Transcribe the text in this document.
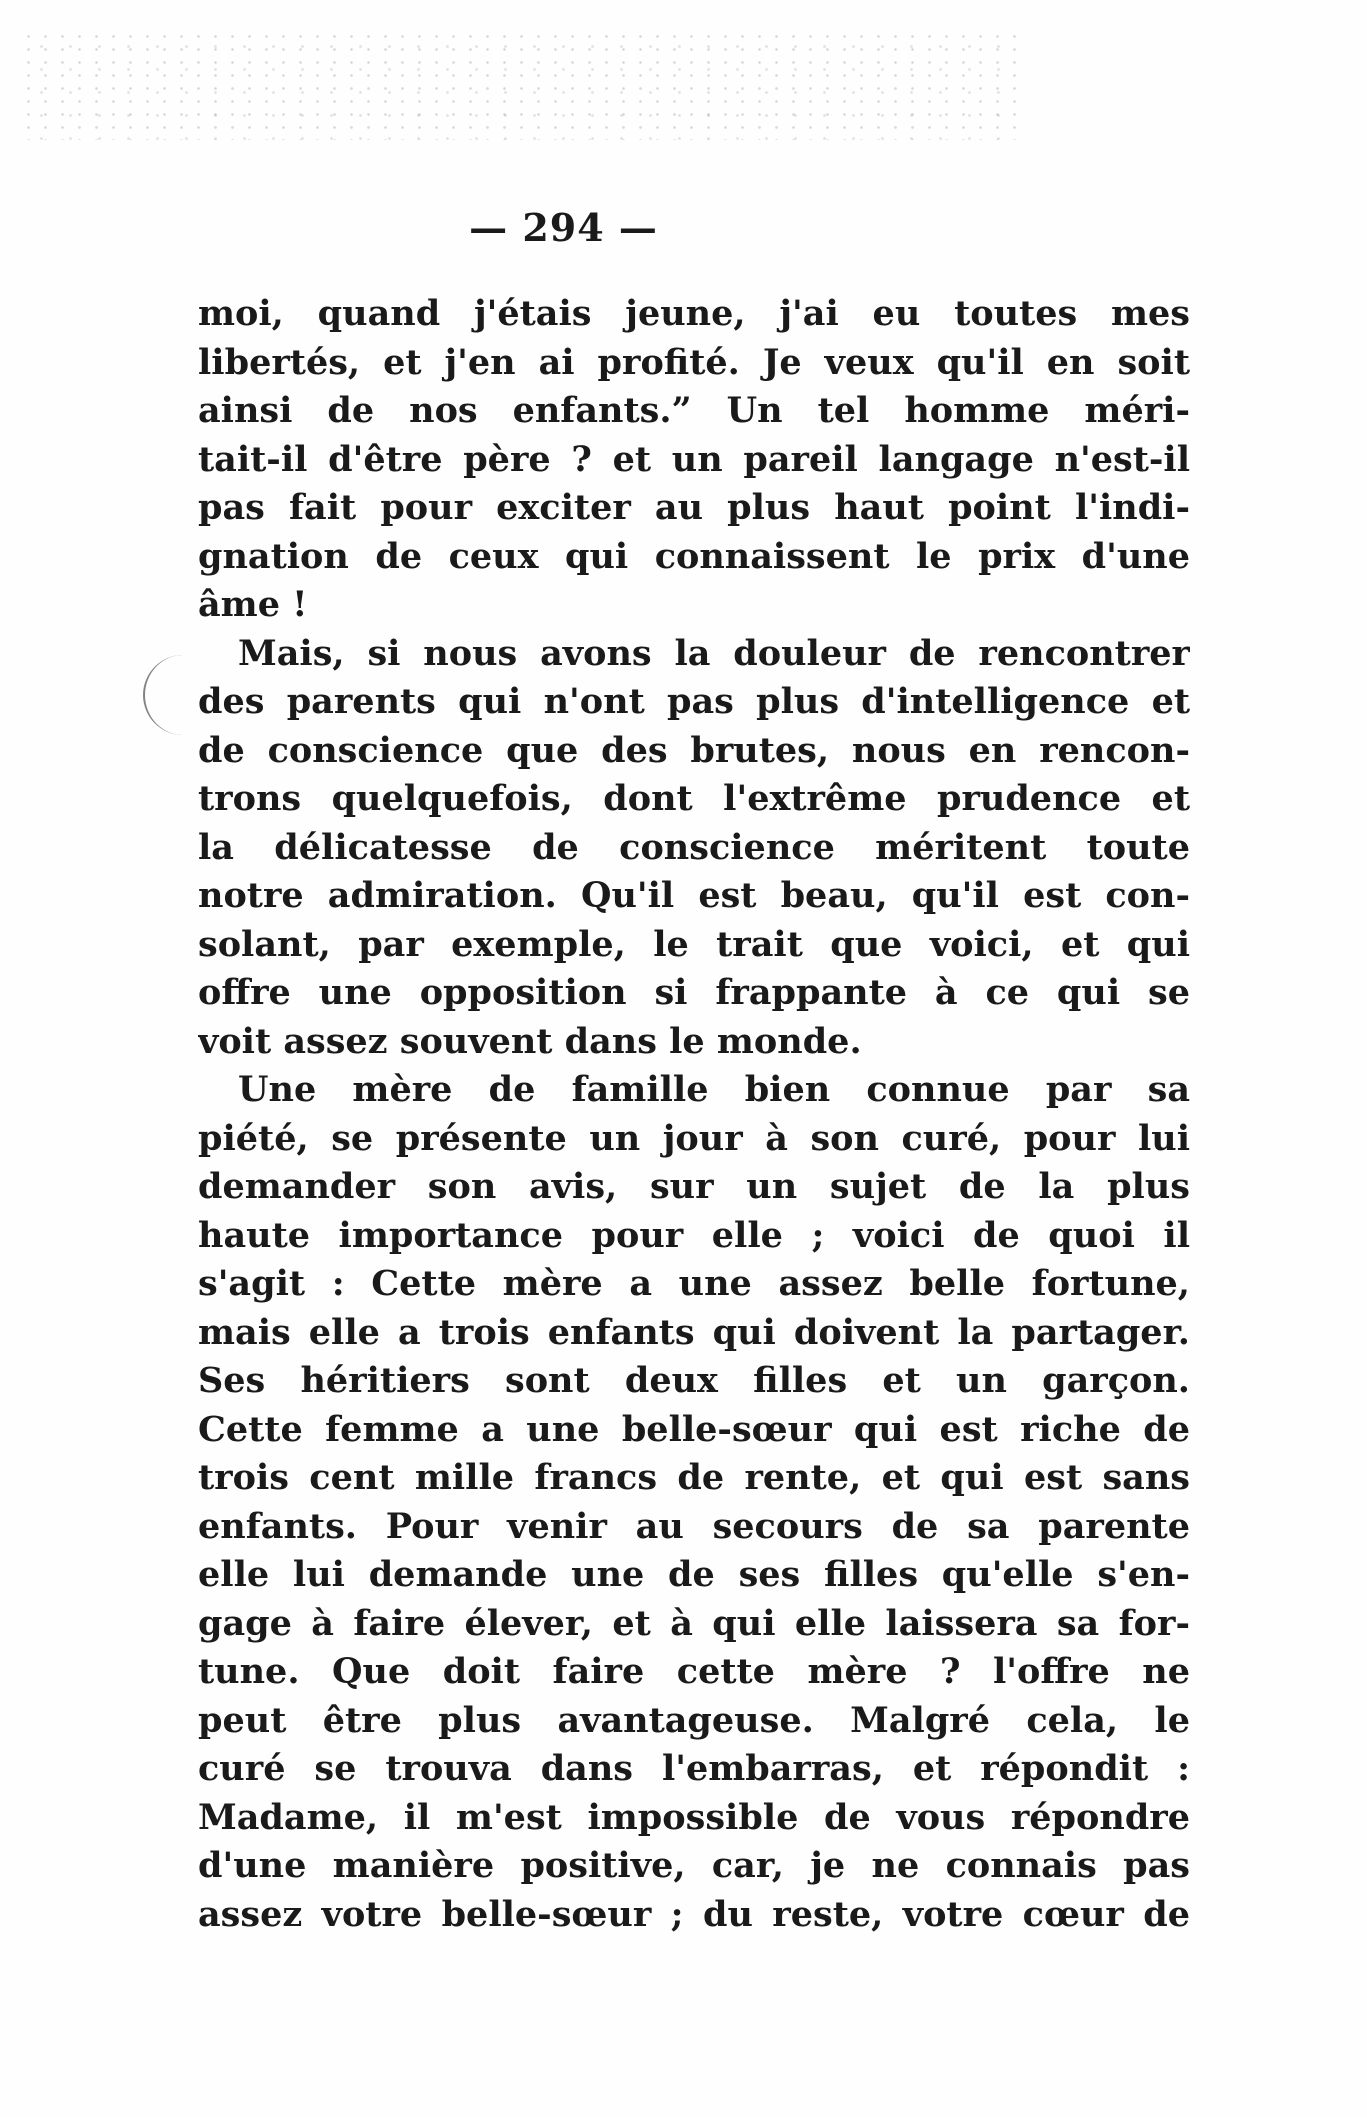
— 294 —
moi, quand j'étais jeune, j'ai eu toutes mes
libertés, et j'en ai profité. Je veux qu'il en soit
ainsi de nos enfants.” Un tel homme méri-
tait-il d'être père ? et un pareil langage n'est-il
pas fait pour exciter au plus haut point l'indi-
gnation de ceux qui connaissent le prix d'une
âme !
Mais, si nous avons la douleur de rencontrer
des parents qui n'ont pas plus d'intelligence et
de conscience que des brutes, nous en rencon-
trons quelquefois, dont l'extrême prudence et
la délicatesse de conscience méritent toute
notre admiration. Qu'il est beau, qu'il est con-
solant, par exemple, le trait que voici, et qui
offre une opposition si frappante à ce qui se
voit assez souvent dans le monde.
Une mère de famille bien connue par sa
piété, se présente un jour à son curé, pour lui
demander son avis, sur un sujet de la plus
haute importance pour elle ; voici de quoi il
s'agit : Cette mère a une assez belle fortune,
mais elle a trois enfants qui doivent la partager.
Ses héritiers sont deux filles et un garçon.
Cette femme a une belle-sœur qui est riche de
trois cent mille francs de rente, et qui est sans
enfants. Pour venir au secours de sa parente
elle lui demande une de ses filles qu'elle s'en-
gage à faire élever, et à qui elle laissera sa for-
tune. Que doit faire cette mère ? l'offre ne
peut être plus avantageuse. Malgré cela, le
curé se trouva dans l'embarras, et répondit :
Madame, il m'est impossible de vous répondre
d'une manière positive, car, je ne connais pas
assez votre belle-sœur ; du reste, votre cœur de
